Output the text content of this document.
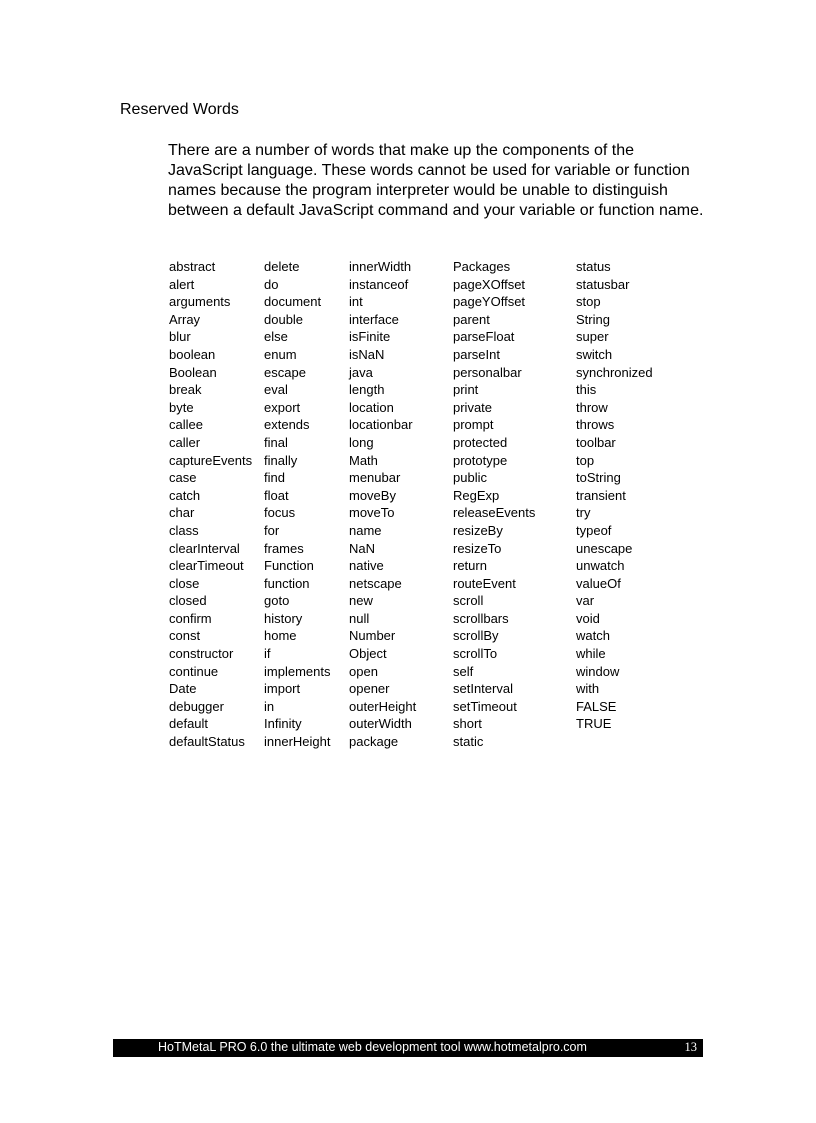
Reserved Words

There are a number of words that make up the components of the JavaScript language. These words cannot be used for variable or function names because the program interpreter would be unable to distinguish between a default JavaScript command and your variable or function name.

abstract
alert
arguments
Array
blur
boolean
Boolean
break
byte
callee
caller
captureEvents
case
catch
char
class
clearInterval
clearTimeout
close
closed
confirm
const
constructor
continue
Date
debugger
default
defaultStatus
delete
do
document
double
else
enum
escape
eval
export
extends
final
finally
find
float
focus
for
frames
Function
function
goto
history
home
if
implements
import
in
Infinity
innerHeight
innerWidth
instanceof
int
interface
isFinite
isNaN
java
length
location
locationbar
long
Math
menubar
moveBy
moveTo
name
NaN
native
netscape
new
null
Number
Object
open
opener
outerHeight
outerWidth
package
Packages
pageXOffset
pageYOffset
parent
parseFloat
parseInt
personalbar
print
private
prompt
protected
prototype
public
RegExp
releaseEvents
resizeBy
resizeTo
return
routeEvent
scroll
scrollbars
scrollBy
scrollTo
self
setInterval
setTimeout
short
static
status
statusbar
stop
String
super
switch
synchronized
this
throw
throws
toolbar
top
toString
transient
try
typeof
unescape
unwatch
valueOf
var
void
watch
while
window
with
FALSE
TRUE
HoTMetaL PRO 6.0 the ultimate web development tool www.hotmetalpro.com	13
